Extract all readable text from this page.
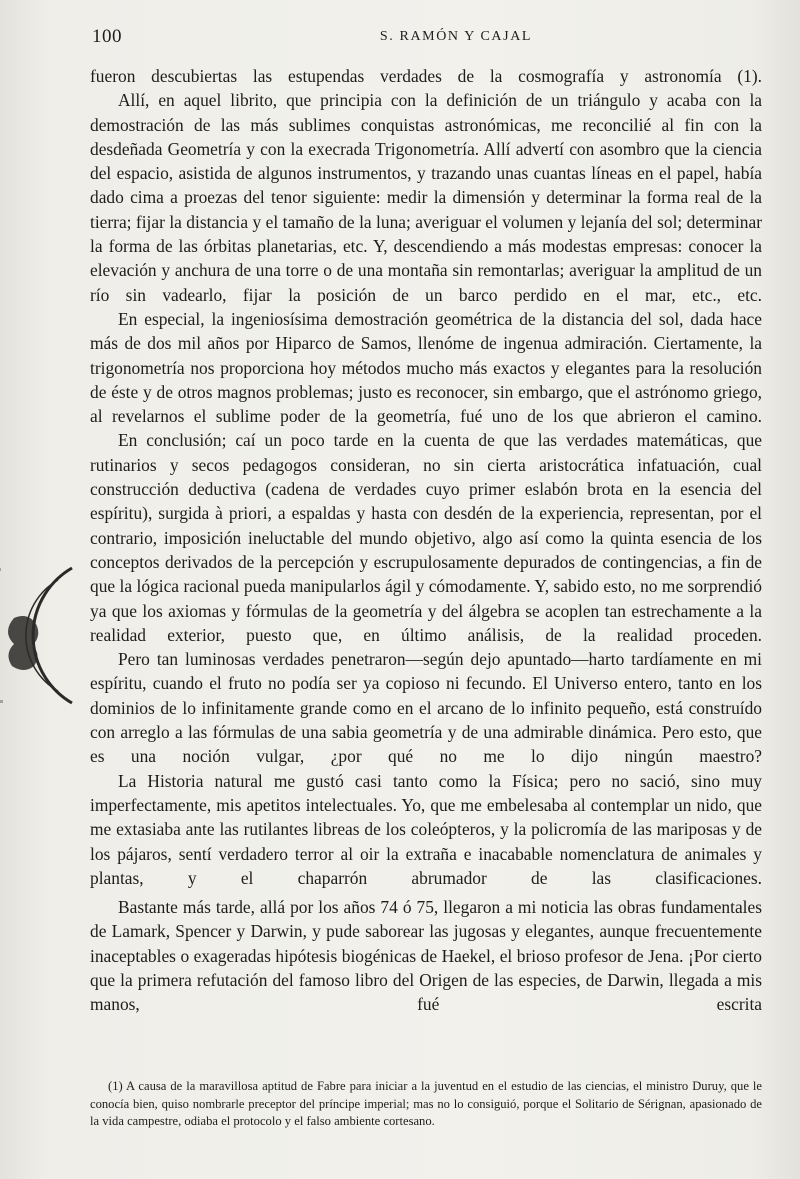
100	S. RAMÓN Y CAJAL

fueron descubiertas las estupendas verdades de la cosmografía y astronomía (1).

Allí, en aquel librito, que principia con la definición de un triángulo y acaba con la demostración de las más sublimes conquistas astronómicas, me reconcilié al fin con la desdeñada Geometría y con la execrada Trigonometría. Allí advertí con asombro que la ciencia del espacio, asistida de algunos instrumentos, y trazando unas cuantas líneas en el papel, había dado cima a proezas del tenor siguiente: medir la dimensión y determinar la forma real de la tierra; fijar la distancia y el tamaño de la luna; averiguar el volumen y lejanía del sol; determinar la forma de las órbitas planetarias, etc. Y, descendiendo a más modestas empresas: conocer la elevación y anchura de una torre o de una montaña sin remontarlas; averiguar la amplitud de un río sin vadearlo, fijar la posición de un barco perdido en el mar, etc., etc.

En especial, la ingeniosísima demostración geométrica de la distancia del sol, dada hace más de dos mil años por Hiparco de Samos, llenóme de ingenua admiración. Ciertamente, la trigonometría nos proporciona hoy métodos mucho más exactos y elegantes para la resolución de éste y de otros magnos problemas; justo es reconocer, sin embargo, que el astrónomo griego, al revelarnos el sublime poder de la geometría, fué uno de los que abrieron el camino.

En conclusión; caí un poco tarde en la cuenta de que las verdades matemáticas, que rutinarios y secos pedagogos consideran, no sin cierta aristocrática infatuación, cual construcción deductiva (cadena de verdades cuyo primer eslabón brota en la esencia del espíritu), surgida à priori, a espaldas y hasta con desdén de la experiencia, representan, por el contrario, imposición ineluctable del mundo objetivo, algo así como la quinta esencia de los conceptos derivados de la percepción y escrupulosamente depurados de contingencias, a fin de que la lógica racional pueda manipularlos ágil y cómodamente. Y, sabido esto, no me sorprendió ya que los axiomas y fórmulas de la geometría y del álgebra se acoplen tan estrechamente a la realidad exterior, puesto que, en último análisis, de la realidad proceden.

Pero tan luminosas verdades penetraron—según dejo apuntado—harto tardíamente en mi espíritu, cuando el fruto no podía ser ya copioso ni fecundo. El Universo entero, tanto en los dominios de lo infinitamente grande como en el arcano de lo infinito pequeño, está construído con arreglo a las fórmulas de una sabia geometría y de una admirable dinámica. Pero esto, que es una noción vulgar, ¿por qué no me lo dijo ningún maestro?

La Historia natural me gustó casi tanto como la Física; pero no sació, sino muy imperfectamente, mis apetitos intelectuales. Yo, que me embelesaba al contemplar un nido, que me extasiaba ante las rutilantes libreas de los coleópteros, y la policromía de las mariposas y de los pájaros, sentí verdadero terror al oir la extraña e inacabable nomenclatura de animales y plantas, y el chaparrón abrumador de las clasificaciones.

Bastante más tarde, allá por los años 74 ó 75, llegaron a mi noticia las obras fundamentales de Lamark, Spencer y Darwin, y pude saborear las jugosas y elegantes, aunque frecuentemente inaceptables o exageradas hipótesis biogénicas de Haekel, el brioso profesor de Jena. ¡Por cierto que la primera refutación del famoso libro del Origen de las especies, de Darwin, llegada a mis manos, fué escrita

(1) A causa de la maravillosa aptitud de Fabre para iniciar a la juventud en el estudio de las ciencias, el ministro Duruy, que le conocía bien, quiso nombrarle preceptor del príncipe imperial; mas no lo consiguió, porque el Solitario de Sérignan, apasionado de la vida campestre, odiaba el protocolo y el falso ambiente cortesano.
